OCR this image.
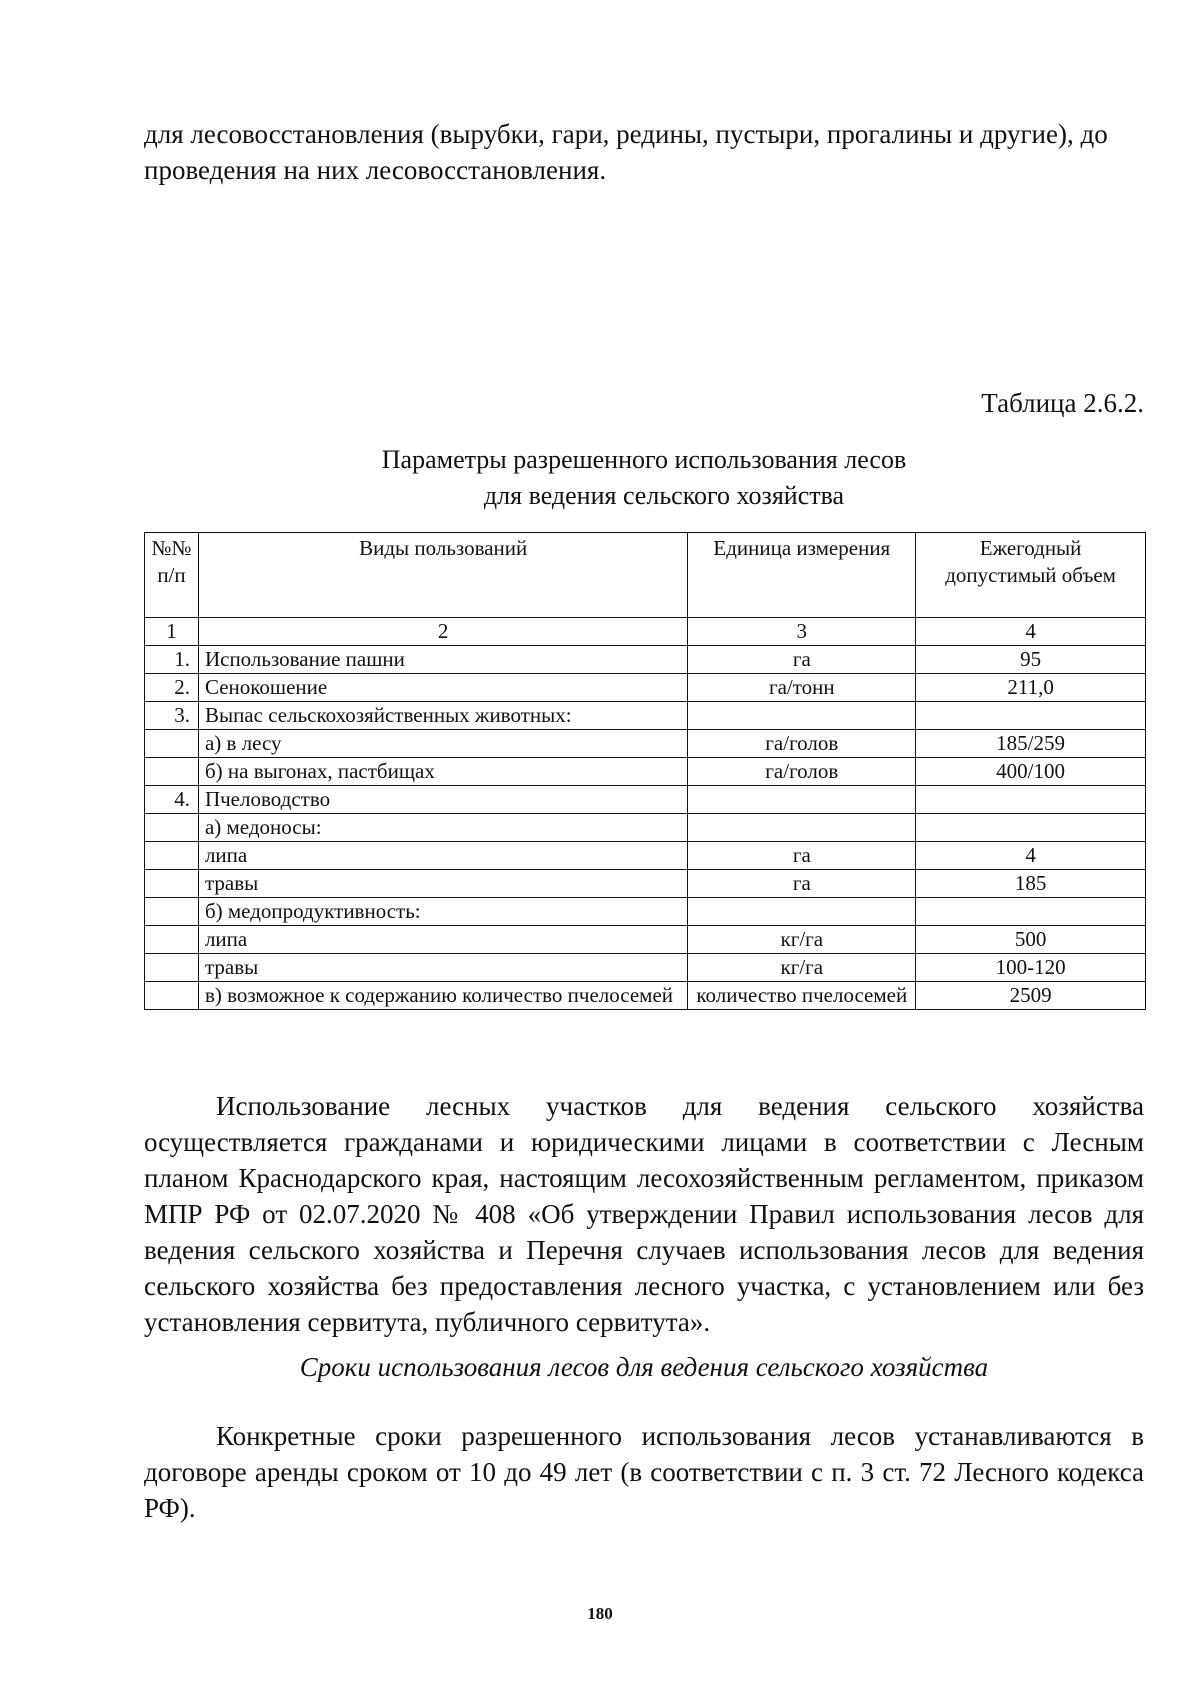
для лесовосстановления (вырубки, гари, редины, пустыри, прогалины и другие), до проведения на них лесовосстановления.
Таблица 2.6.2.
Параметры разрешенного использования лесов
для ведения сельского хозяйства
№№ п/п	Виды пользований	Единица измерения	Ежегодный допустимый объем
1	2	3	4
1.	Использование пашни	га	95
2.	Сенокошение	га/тонн	211,0
3.	Выпас сельскохозяйственных животных:		
	а) в лесу	га/голов	185/259
	б) на выгонах, пастбищах	га/голов	400/100
4.	Пчеловодство		
	а) медоносы:		
	липа	га	4
	травы	га	185
	б) медопродуктивность:		
	липа	кг/га	500
	травы	кг/га	100-120
	в) возможное к содержанию количество пчелосемей	количество пчелосемей	2509
Использование лесных участков для ведения сельского хозяйства осуществляется гражданами и юридическими лицами в соответствии с Лесным планом Краснодарского края, настоящим лесохозяйственным регламентом, приказом МПР РФ от 02.07.2020 № 408 «Об утверждении Правил использования лесов для ведения сельского хозяйства и Перечня случаев использования лесов для ведения сельского хозяйства без предоставления лесного участка, с установлением или без установления сервитута, публичного сервитута».
Сроки использования лесов для ведения сельского хозяйства
Конкретные сроки разрешенного использования лесов устанавливаются в договоре аренды сроком от 10 до 49 лет (в соответствии с п. 3 ст. 72 Лесного кодекса РФ).
180
